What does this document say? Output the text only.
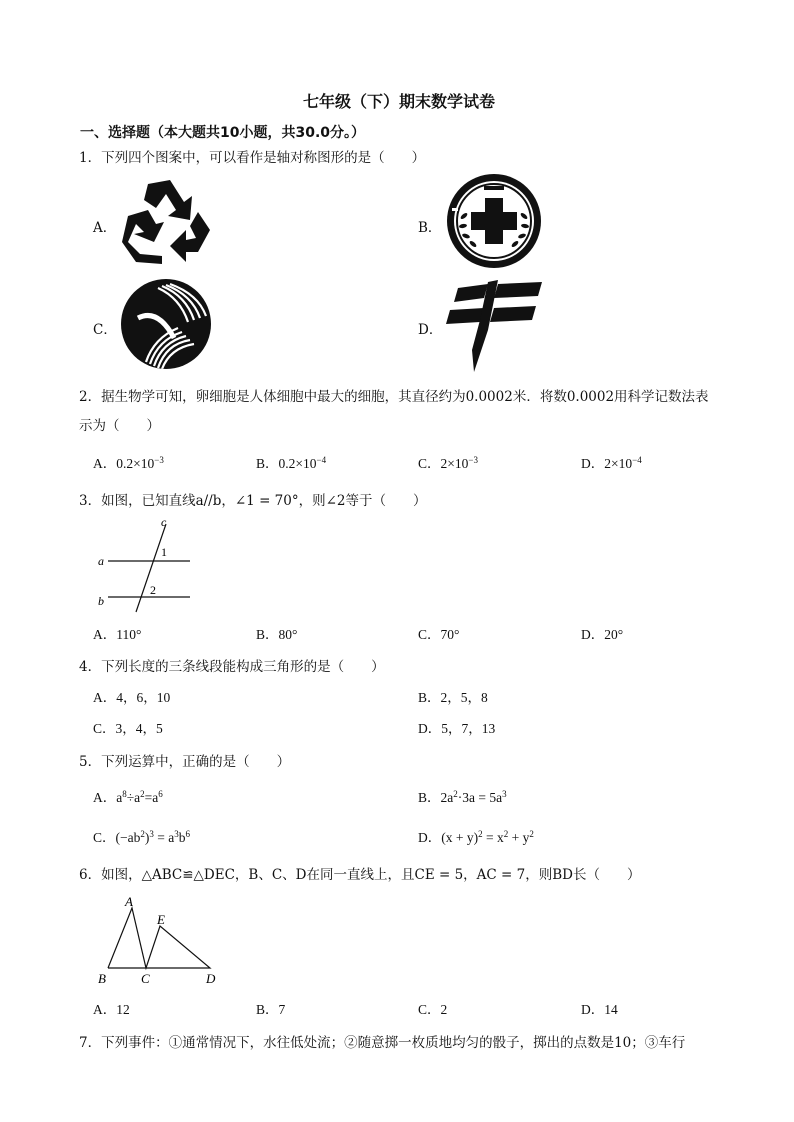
七年级（下）期末数学试卷
一、选择题（本大题共10小题，共30.0分。）
1．下列四个图案中，可以看作是轴对称图形的是（　　）
A．	B．
C．	D．
2．据生物学可知，卵细胞是人体细胞中最大的细胞，其直径约为0.0002米．将数0.0002用科学记数法表
示为（　　）
A．$0.2\times 10^{-3}$	B．$0.2\times 10^{-4}$	C．$2\times 10^{-3}$	D．$2\times 10^{-4}$
3．如图，已知直线a//b，∠1 = 70°，则∠2等于（　　）
c
a
b
1
2
A．110°	B．80°	C．70°	D．20°
4．下列长度的三条线段能构成三角形的是（　　）
A．4，6，10	B．2，5，8
C．3，4，5	D．5，7，13
5．下列运算中，正确的是（　　）
A．$a^8\div a^2=a^6$	B．$2a^2\cdot 3a = 5a^3$
C．$(-ab^2)^3 = a^3b^6$	D．$(x + y)^2 = x^2 + y^2$
6．如图，△ABC≌△DEC，B、C、D在同一直线上，且CE = 5，AC = 7，则BD长（　　）
A
E
B	C	D
A．12	B．7	C．2	D．14
7．下列事件：①通常情况下，水往低处流；②随意掷一枚质地均匀的骰子，掷出的点数是10；③车行
